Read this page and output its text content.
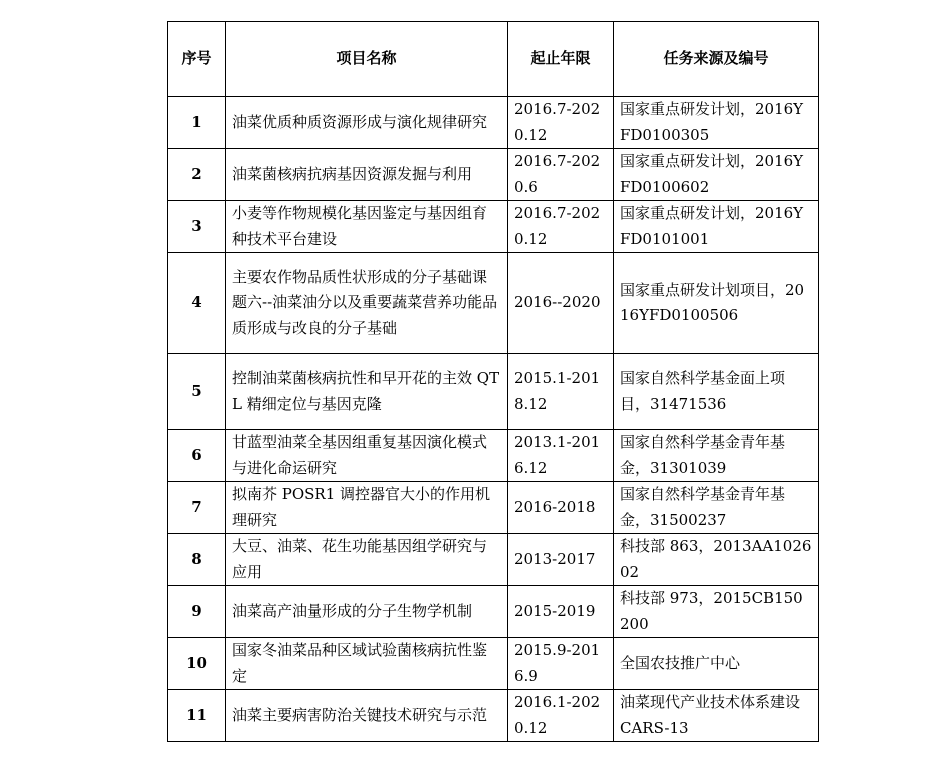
序号	项目名称	起止年限	任务来源及编号
1	油菜优质种质资源形成与演化规律研究	2016.7-2020.12	国家重点研发计划，2016YFD0100305
2	油菜菌核病抗病基因资源发掘与利用	2016.7-2020.6	国家重点研发计划，2016YFD0100602
3	小麦等作物规模化基因鉴定与基因组育种技术平台建设	2016.7-2020.12	国家重点研发计划，2016YFD0101001
4	主要农作物品质性状形成的分子基础课题六--油菜油分以及重要蔬菜营养功能品质形成与改良的分子基础	2016--2020	国家重点研发计划项目，2016YFD0100506
5	控制油菜菌核病抗性和早开花的主效 QTL 精细定位与基因克隆	2015.1-2018.12	国家自然科学基金面上项目，31471536
6	甘蓝型油菜全基因组重复基因演化模式与进化命运研究	2013.1-2016.12	国家自然科学基金青年基金，31301039
7	拟南芥 POSR1 调控器官大小的作用机理研究	2016-2018	国家自然科学基金青年基金，31500237
8	大豆、油菜、花生功能基因组学研究与应用	2013-2017	科技部 863，2013AA102602
9	油菜高产油量形成的分子生物学机制	2015-2019	科技部 973，2015CB150200
10	国家冬油菜品种区域试验菌核病抗性鉴定	2015.9-2016.9	全国农技推广中心
11	油菜主要病害防治关键技术研究与示范	2016.1-2020.12	油菜现代产业技术体系建设 CARS-13
